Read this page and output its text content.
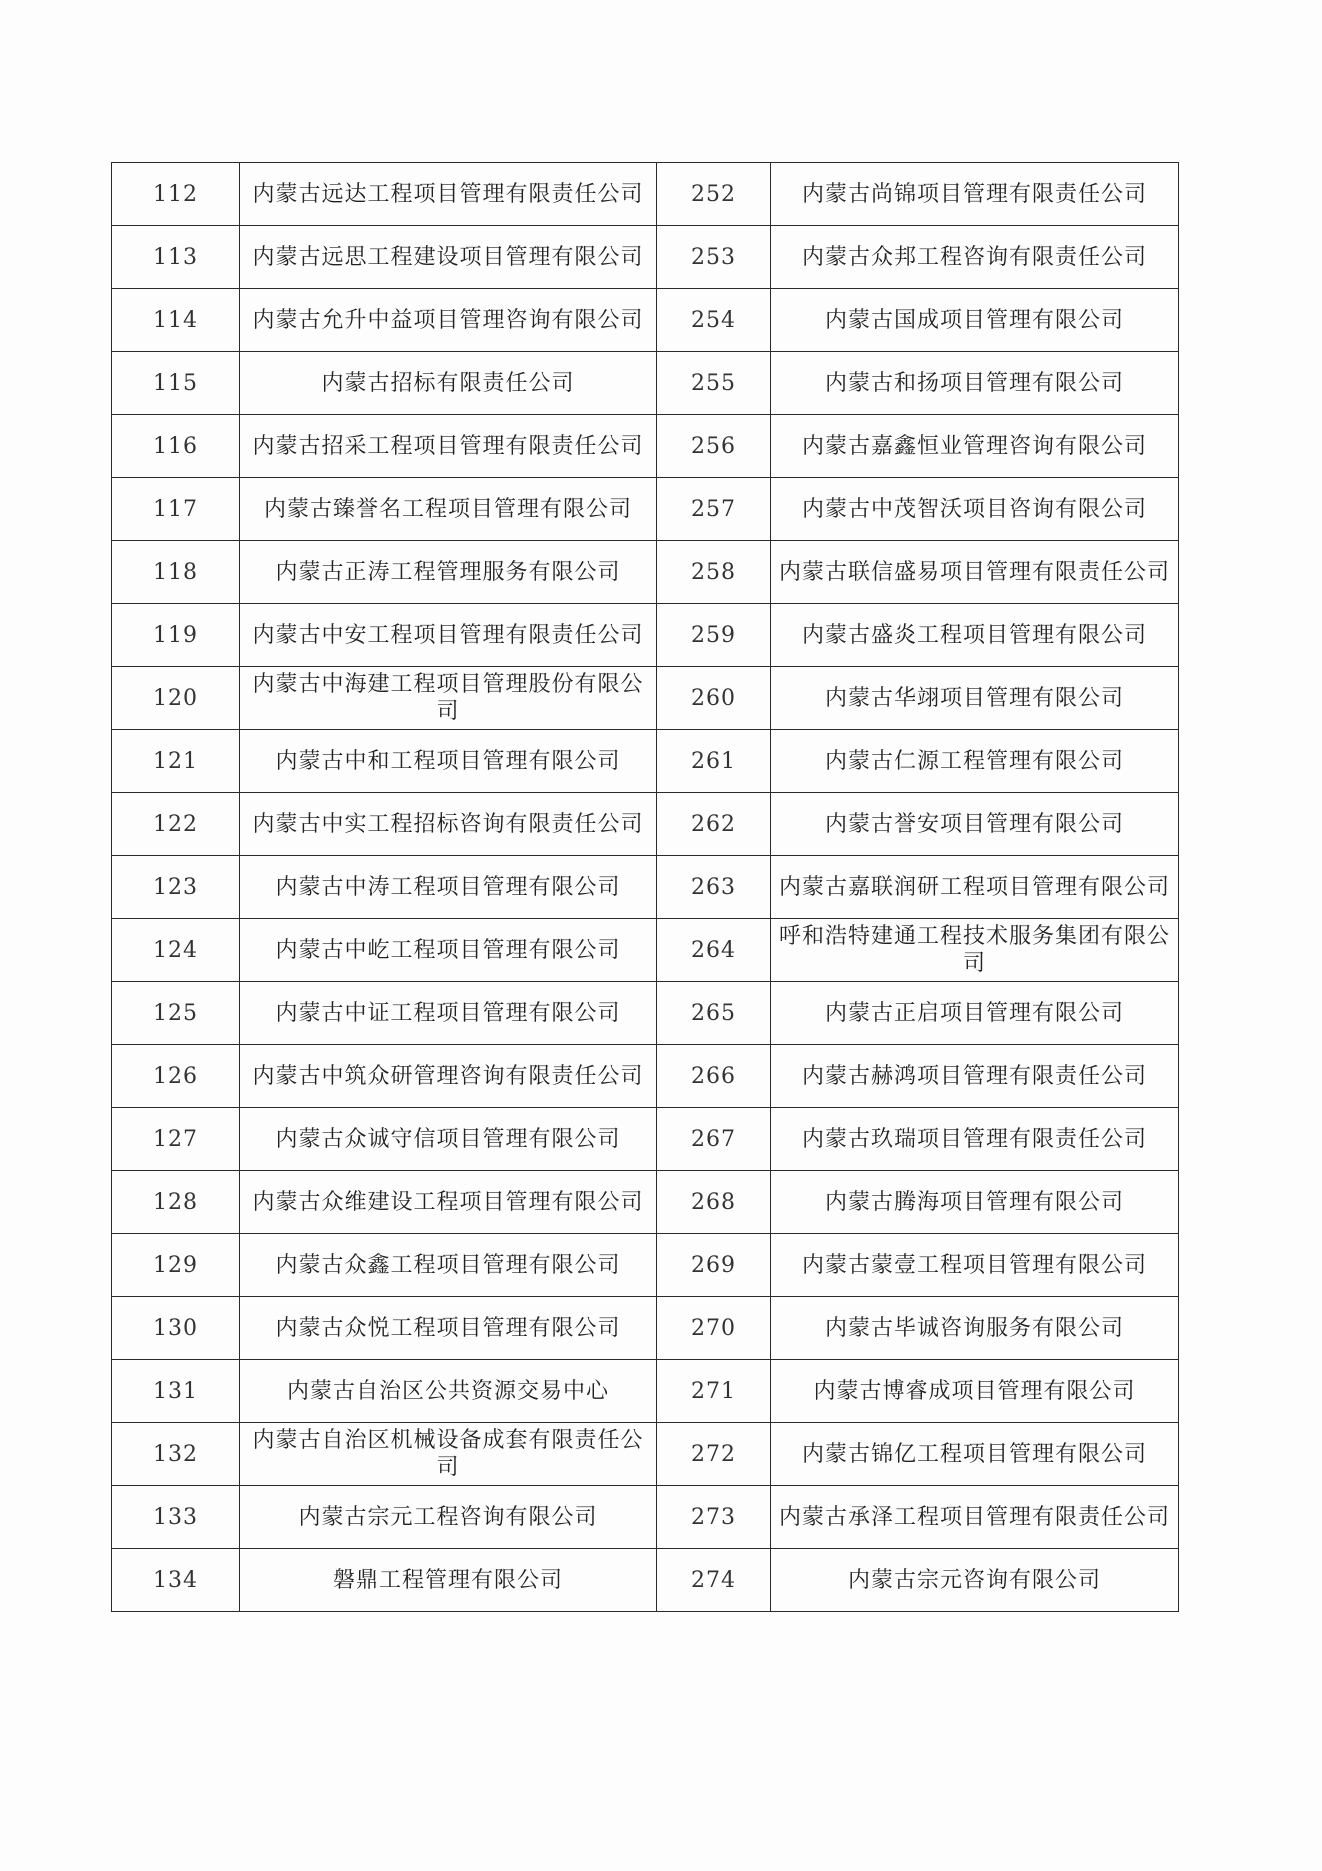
112	内蒙古远达工程项目管理有限责任公司	252	内蒙古尚锦项目管理有限责任公司
113	内蒙古远思工程建设项目管理有限公司	253	内蒙古众邦工程咨询有限责任公司
114	内蒙古允升中益项目管理咨询有限公司	254	内蒙古国成项目管理有限公司
115	内蒙古招标有限责任公司	255	内蒙古和扬项目管理有限公司
116	内蒙古招采工程项目管理有限责任公司	256	内蒙古嘉鑫恒业管理咨询有限公司
117	内蒙古臻誉名工程项目管理有限公司	257	内蒙古中茂智沃项目咨询有限公司
118	内蒙古正涛工程管理服务有限公司	258	内蒙古联信盛易项目管理有限责任公司
119	内蒙古中安工程项目管理有限责任公司	259	内蒙古盛炎工程项目管理有限公司
120	内蒙古中海建工程项目管理股份有限公司	260	内蒙古华翊项目管理有限公司
121	内蒙古中和工程项目管理有限公司	261	内蒙古仁源工程管理有限公司
122	内蒙古中实工程招标咨询有限责任公司	262	内蒙古誉安项目管理有限公司
123	内蒙古中涛工程项目管理有限公司	263	内蒙古嘉联润研工程项目管理有限公司
124	内蒙古中屹工程项目管理有限公司	264	呼和浩特建通工程技术服务集团有限公司
125	内蒙古中证工程项目管理有限公司	265	内蒙古正启项目管理有限公司
126	内蒙古中筑众研管理咨询有限责任公司	266	内蒙古赫鸿项目管理有限责任公司
127	内蒙古众诚守信项目管理有限公司	267	内蒙古玖瑞项目管理有限责任公司
128	内蒙古众维建设工程项目管理有限公司	268	内蒙古腾海项目管理有限公司
129	内蒙古众鑫工程项目管理有限公司	269	内蒙古蒙壹工程项目管理有限公司
130	内蒙古众悦工程项目管理有限公司	270	内蒙古毕诚咨询服务有限公司
131	内蒙古自治区公共资源交易中心	271	内蒙古博睿成项目管理有限公司
132	内蒙古自治区机械设备成套有限责任公司	272	内蒙古锦亿工程项目管理有限公司
133	内蒙古宗元工程咨询有限公司	273	内蒙古承泽工程项目管理有限责任公司
134	磐鼎工程管理有限公司	274	内蒙古宗元咨询有限公司
